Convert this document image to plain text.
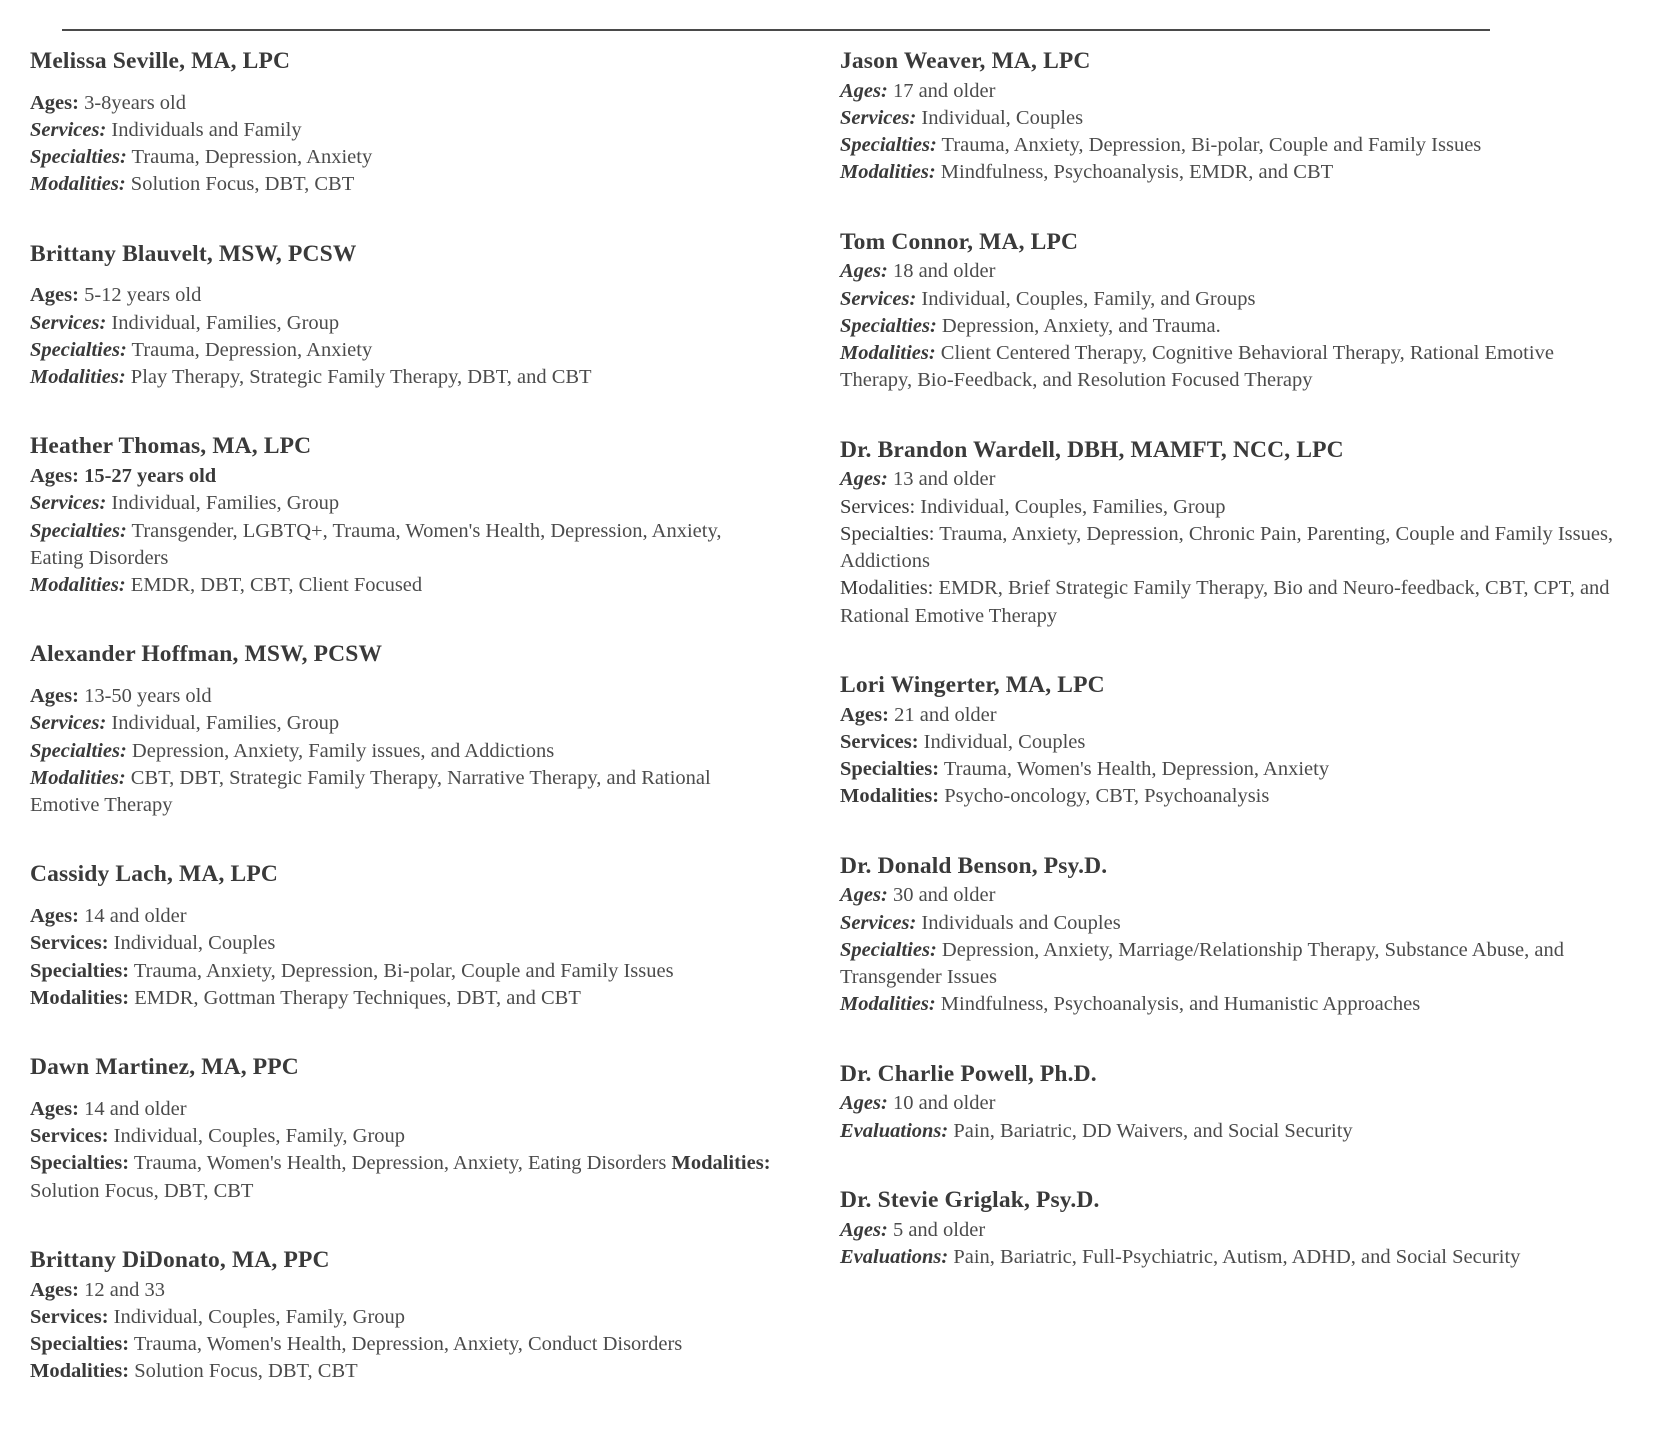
Melissa Seville, MA, LPC
Ages: 3-8years old
Services: Individuals and Family
Specialties: Trauma, Depression, Anxiety
Modalities: Solution Focus, DBT, CBT
Brittany Blauvelt, MSW, PCSW
Ages: 5-12 years old
Services: Individual, Families, Group
Specialties: Trauma, Depression, Anxiety
Modalities: Play Therapy, Strategic Family Therapy, DBT, and CBT
Heather Thomas, MA, LPC
Ages: 15-27 years old
Services: Individual, Families, Group
Specialties: Transgender, LGBTQ+, Trauma, Women's Health, Depression, Anxiety, Eating Disorders
Modalities: EMDR, DBT, CBT, Client Focused
Alexander Hoffman, MSW, PCSW
Ages: 13-50 years old
Services: Individual, Families, Group
Specialties: Depression, Anxiety, Family issues, and Addictions
Modalities: CBT, DBT, Strategic Family Therapy, Narrative Therapy, and Rational Emotive Therapy
Cassidy Lach, MA, LPC
Ages: 14 and older
Services: Individual, Couples
Specialties: Trauma, Anxiety, Depression, Bi-polar, Couple and Family Issues
Modalities: EMDR, Gottman Therapy Techniques, DBT, and CBT
Dawn Martinez, MA, PPC
Ages: 14 and older
Services: Individual, Couples, Family, Group
Specialties: Trauma, Women's Health, Depression, Anxiety, Eating Disorders Modalities: Solution Focus, DBT, CBT
Brittany DiDonato, MA, PPC
Ages: 12 and 33
Services: Individual, Couples, Family, Group
Specialties: Trauma, Women's Health, Depression, Anxiety, Conduct Disorders
Modalities: Solution Focus, DBT, CBT
Jason Weaver, MA, LPC
Ages: 17 and older
Services: Individual, Couples
Specialties: Trauma, Anxiety, Depression, Bi-polar, Couple and Family Issues
Modalities: Mindfulness, Psychoanalysis, EMDR, and CBT
Tom Connor, MA, LPC
Ages: 18 and older
Services: Individual, Couples, Family, and Groups
Specialties: Depression, Anxiety, and Trauma.
Modalities: Client Centered Therapy, Cognitive Behavioral Therapy, Rational Emotive Therapy, Bio-Feedback, and Resolution Focused Therapy
Dr. Brandon Wardell, DBH, MAMFT, NCC, LPC
Ages: 13 and older
Services: Individual, Couples, Families, Group
Specialties: Trauma, Anxiety, Depression, Chronic Pain, Parenting, Couple and Family Issues, Addictions
Modalities: EMDR, Brief Strategic Family Therapy, Bio and Neuro-feedback, CBT, CPT, and Rational Emotive Therapy
Lori Wingerter, MA, LPC
Ages: 21 and older
Services: Individual, Couples
Specialties: Trauma, Women's Health, Depression, Anxiety
Modalities: Psycho-oncology, CBT, Psychoanalysis
Dr. Donald Benson, Psy.D.
Ages: 30 and older
Services: Individuals and Couples
Specialties: Depression, Anxiety, Marriage/Relationship Therapy, Substance Abuse, and Transgender Issues
Modalities: Mindfulness, Psychoanalysis, and Humanistic Approaches
Dr. Charlie Powell, Ph.D.
Ages: 10 and older
Evaluations: Pain, Bariatric, DD Waivers, and Social Security
Dr. Stevie Griglak, Psy.D.
Ages: 5 and older
Evaluations: Pain, Bariatric, Full-Psychiatric, Autism, ADHD, and Social Security
